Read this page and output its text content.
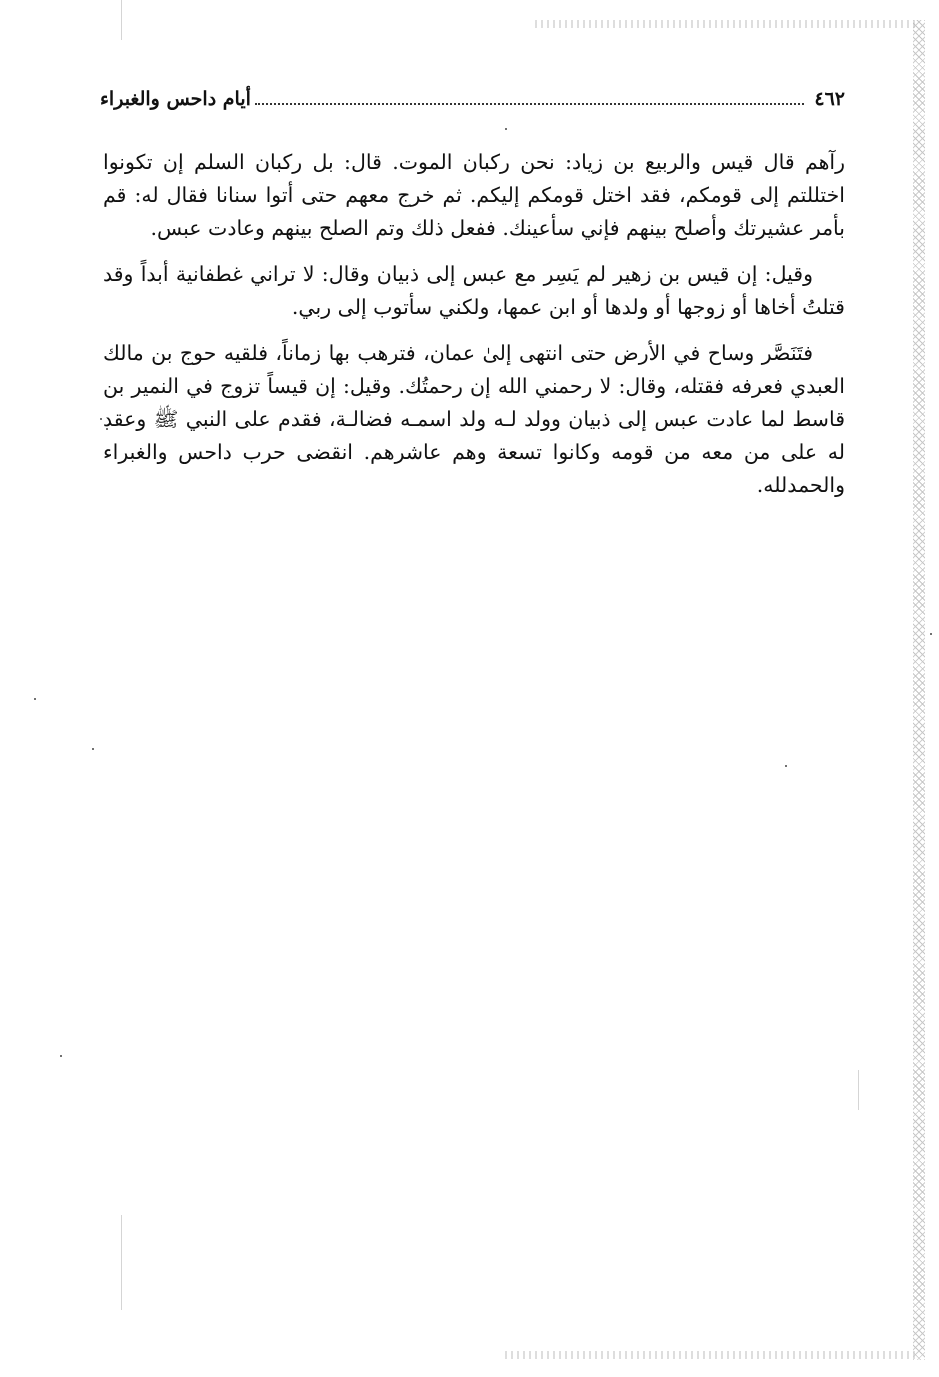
٤٦٢
أيام داحس والغبراء

رآهم قال قيس والربيع بن زياد: نحن ركبان الموت. قال: بل ركبان السلم إن تكونوا اختللتم إلى قومكم، فقد اختل قومكم إليكم. ثم خرج معهم حتى أتوا سنانا فقال له: قم بأمر عشيرتك وأصلح بينهم فإني سأعينك. ففعل ذلك وتم الصلح بينهم وعادت عبس.

وقيل: إن قيس بن زهير لم يَسِر مع عبس إلى ذبيان وقال: لا تراني غطفانية أبداً وقد قتلتُ أخاها أو زوجها أو ولدها أو ابن عمها، ولكني سأتوب إلى ربي.

فتَنَصَّر وساح في الأرض حتى انتهى إلىٰ عمان، فترهب بها زماناً، فلقيه حوج بن مالك العبدي فعرفه فقتله، وقال: لا رحمني الله إن رحمتُك. وقيل: إن قيساً تزوج في النمير بن قاسط لما عادت عبس إلى ذبيان وولد لـه ولد اسمـه فضالـة، فقدم على النبي ﷺ وعقد له على من معه من قومه وكانوا تسعة وهم عاشرهم. انقضى حرب داحس والغبراء والحمدلله.
